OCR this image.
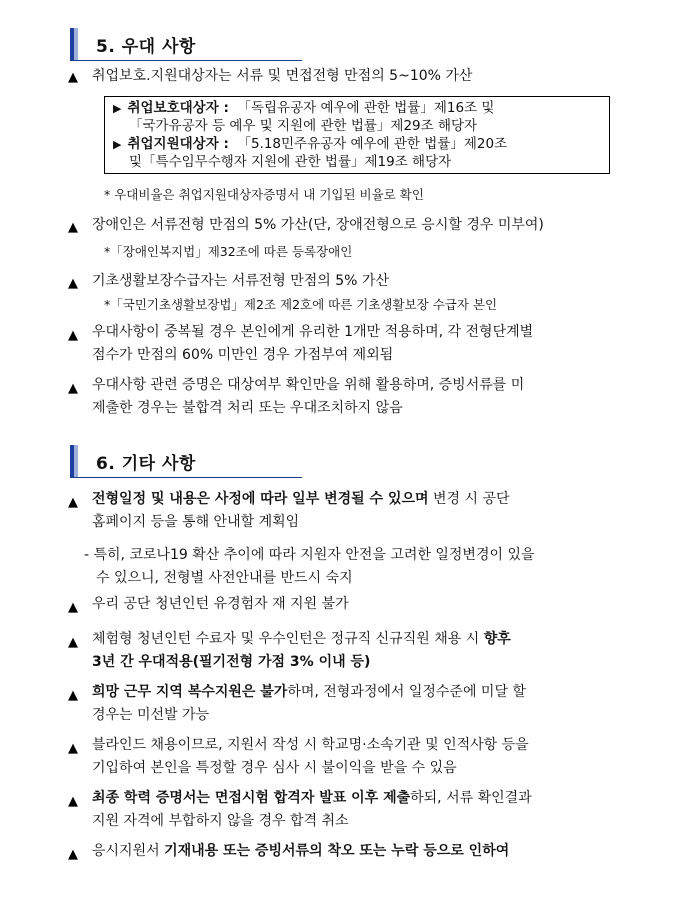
5. 우대 사항
▲ 취업보호.지원대상자는 서류 및 면접전형 만점의 5~10% 가산
▶ 취업보호대상자 : 「독립유공자 예우에 관한 법률」제16조 및
「국가유공자 등 예우 및 지원에 관한 법률」제29조 해당자
▶ 취업지원대상자 : 「5.18민주유공자 예우에 관한 법률」제20조
및「특수임무수행자 지원에 관한 법률」제19조 해당자
* 우대비율은 취업지원대상자증명서 내 기입된 비율로 확인
▲ 장애인은 서류전형 만점의 5% 가산(단, 장애전형으로 응시할 경우 미부여)
*「장애인복지법」제32조에 따른 등록장애인
▲ 기초생활보장수급자는 서류전형 만점의 5% 가산
*「국민기초생활보장법」제2조 제2호에 따른 기초생활보장 수급자 본인
▲ 우대사항이 중복될 경우 본인에게 유리한 1개만 적용하며, 각 전형단계별
점수가 만점의 60% 미만인 경우 가점부여 제외됨
▲ 우대사항 관련 증명은 대상여부 확인만을 위해 활용하며, 증빙서류를 미
제출한 경우는 불합격 처리 또는 우대조치하지 않음
6. 기타 사항
▲ 전형일정 및 내용은 사정에 따라 일부 변경될 수 있으며 변경 시 공단
홈페이지 등을 통해 안내할 계획임
- 특히, 코로나19 확산 추이에 따라 지원자 안전을 고려한 일정변경이 있을
수 있으니, 전형별 사전안내를 반드시 숙지
▲ 우리 공단 청년인턴 유경험자 재 지원 불가
▲ 체험형 청년인턴 수료자 및 우수인턴은 정규직 신규직원 채용 시 향후
3년 간 우대적용(필기전형 가점 3% 이내 등)
▲ 희망 근무 지역 복수지원은 불가하며, 전형과정에서 일정수준에 미달 할
경우는 미선발 가능
▲ 블라인드 채용이므로, 지원서 작성 시 학교명·소속기관 및 인적사항 등을
기입하여 본인을 특정할 경우 심사 시 불이익을 받을 수 있음
▲ 최종 학력 증명서는 면접시험 합격자 발표 이후 제출하되, 서류 확인결과
지원 자격에 부합하지 않을 경우 합격 취소
▲ 응시지원서 기재내용 또는 증빙서류의 착오 또는 누락 등으로 인하여
